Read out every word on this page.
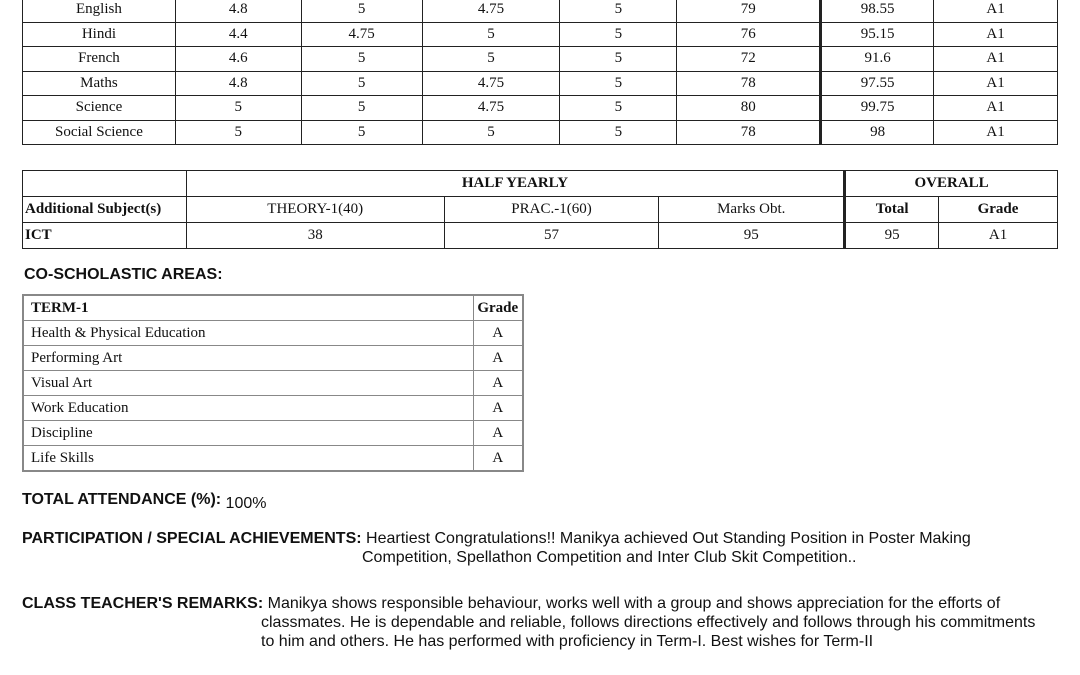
English	4.8	5	4.75	5	79	98.55	A1
Hindi	4.4	4.75	5	5	76	95.15	A1
French	4.6	5	5	5	72	91.6	A1
Maths	4.8	5	4.75	5	78	97.55	A1
Science	5	5	4.75	5	80	99.75	A1
Social Science	5	5	5	5	78	98	A1
	HALF YEARLY			OVERALL	
Additional Subject(s)	THEORY-1(40)	PRAC.-1(60)	Marks Obt.	Total	Grade
ICT	38	57	95	95	A1
CO-SCHOLASTIC AREAS:
TERM-1	Grade
Health & Physical Education	A
Performing Art	A
Visual Art	A
Work Education	A
Discipline	A
Life Skills	A
TOTAL ATTENDANCE (%): 100%
PARTICIPATION / SPECIAL ACHIEVEMENTS: Heartiest Congratulations!! Manikya achieved Out Standing Position in Poster Making
Competition, Spellathon Competition and Inter Club Skit Competition..
CLASS TEACHER'S REMARKS: Manikya shows responsible behaviour, works well with a group and shows appreciation for the efforts of
classmates. He is dependable and reliable, follows directions effectively and follows through his commitments
to him and others. He has performed with proficiency in Term-I. Best wishes for Term-II
